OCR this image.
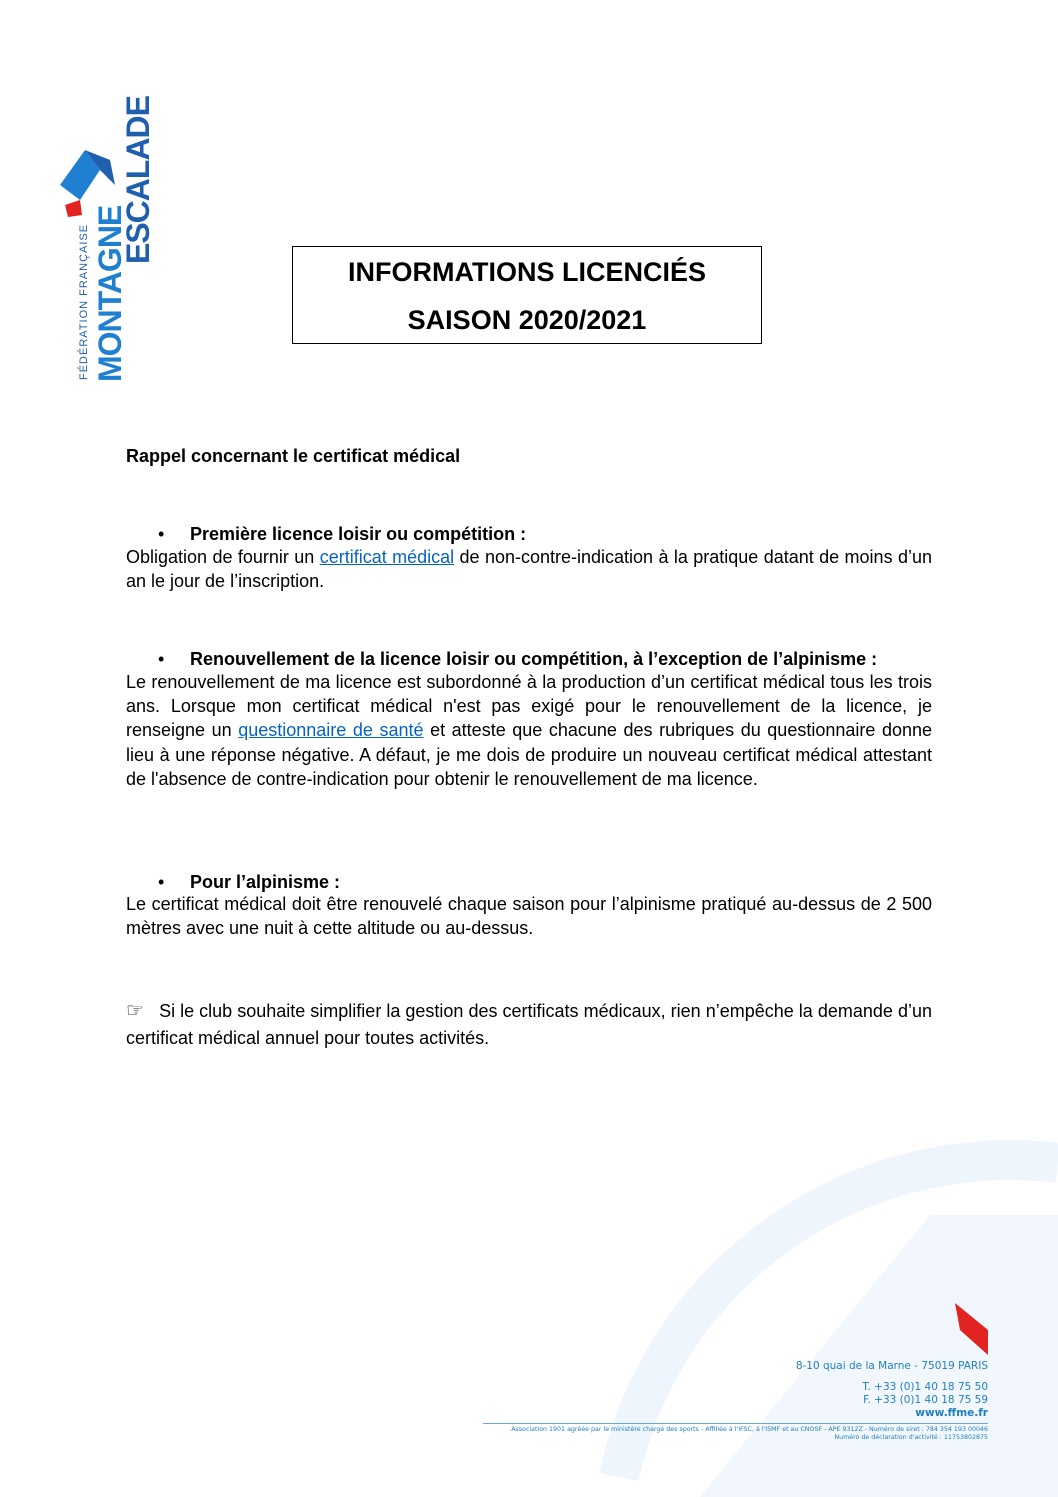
FÉDÉRATION FRANÇAISE MONTAGNE
ESCALADE
INFORMATIONS LICENCIÉS
SAISON 2020/2021
Rappel concernant le certificat médical
• Première licence loisir ou compétition :
Obligation de fournir un certificat médical de non-contre-indication à la pratique datant de moins d’un an le jour de l’inscription.
• Renouvellement de la licence loisir ou compétition, à l’exception de l’alpinisme :
Le renouvellement de ma licence est subordonné à la production d’un certificat médical tous les trois ans. Lorsque mon certificat médical n'est pas exigé pour le renouvellement de la licence, je renseigne un questionnaire de santé et atteste que chacune des rubriques du questionnaire donne lieu à une réponse négative. A défaut, je me dois de produire un nouveau certificat médical attestant de l'absence de contre-indication pour obtenir le renouvellement de ma licence.
• Pour l’alpinisme :
Le certificat médical doit être renouvelé chaque saison pour l’alpinisme pratiqué au-dessus de 2 500 mètres avec une nuit à cette altitude ou au-dessus.
☞ Si le club souhaite simplifier la gestion des certificats médicaux, rien n’empêche la demande d’un certificat médical annuel pour toutes activités.
8-10 quai de la Marne - 75019 PARIS
T. +33 (0)1 40 18 75 50
F. +33 (0)1 40 18 75 59
www.ffme.fr
Association 1901 agréée par le ministère chargé des sports - Affiliée à l'IFSC, à l'ISMF et au CNOSF - APE 9312Z - Numéro de siret : 784 354 193 00046
Numéro de déclaration d'activité : 11753802875
